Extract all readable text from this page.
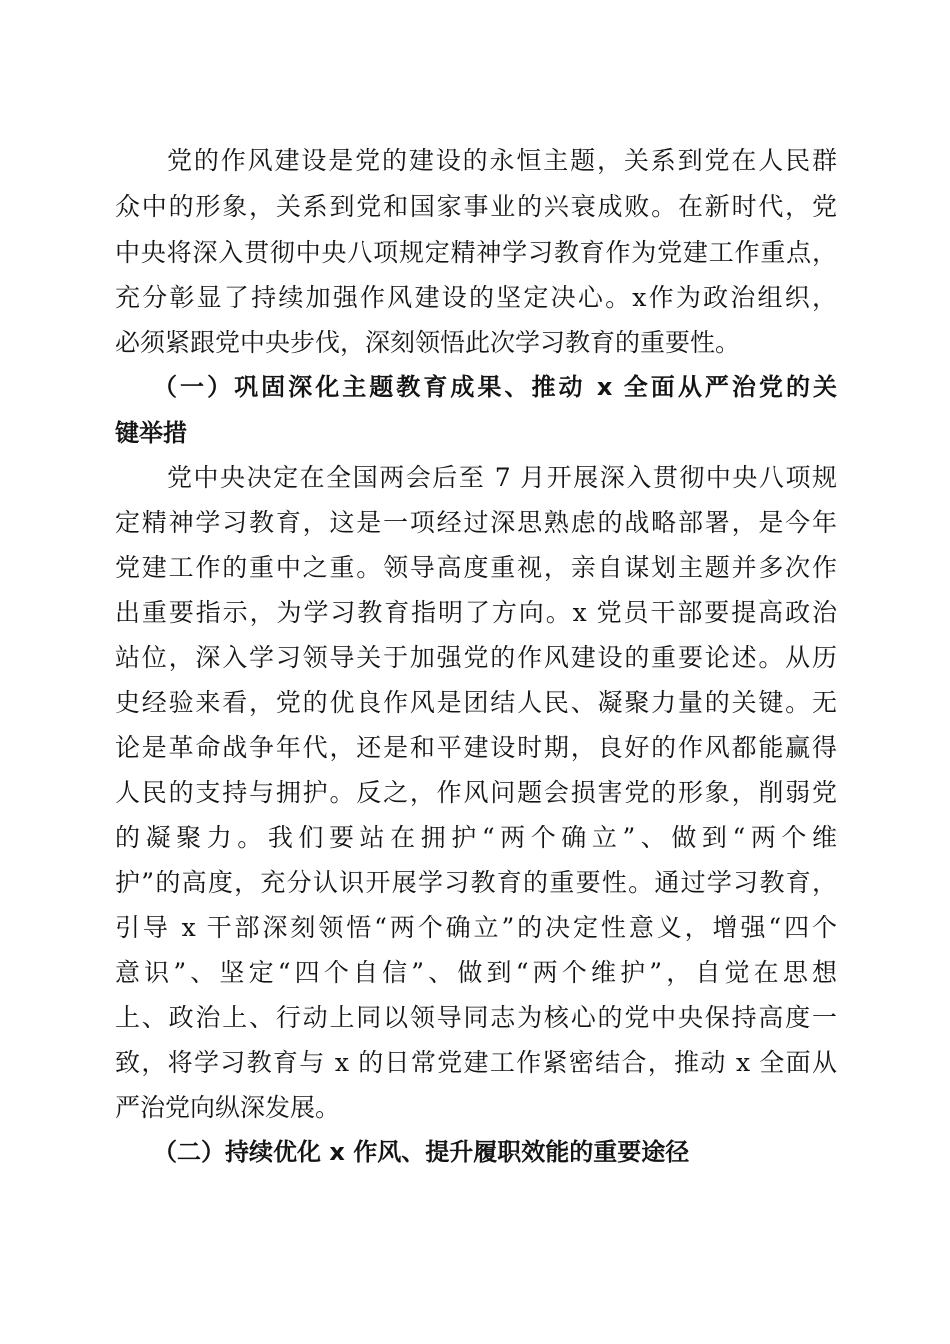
党的作风建设是党的建设的永恒主题，关系到党在人民群

众中的形象，关系到党和国家事业的兴衰成败。在新时代，党

中央将深入贯彻中央八项规定精神学习教育作为党建工作重点，

充分彰显了持续加强作风建设的坚定决心。x作为政治组织，

必须紧跟党中央步伐，深刻领悟此次学习教育的重要性。

（一）巩固深化主题教育成果、推动 x 全面从严治党的关

键举措

党中央决定在全国两会后至 7 月开展深入贯彻中央八项规

定精神学习教育，这是一项经过深思熟虑的战略部署，是今年

党建工作的重中之重。领导高度重视，亲自谋划主题并多次作

出重要指示，为学习教育指明了方向。x 党员干部要提高政治

站位，深入学习领导关于加强党的作风建设的重要论述。从历

史经验来看，党的优良作风是团结人民、凝聚力量的关键。无

论是革命战争年代，还是和平建设时期，良好的作风都能赢得

人民的支持与拥护。反之，作风问题会损害党的形象，削弱党

的凝聚力。我们要站在拥护“两个确立”、做到“两个维

护”的高度，充分认识开展学习教育的重要性。通过学习教育，

引导 x 干部深刻领悟“两个确立”的决定性意义，增强“四个

意识”、坚定“四个自信”、做到“两个维护”，自觉在思想

上、政治上、行动上同以领导同志为核心的党中央保持高度一

致，将学习教育与 x 的日常党建工作紧密结合，推动 x 全面从

严治党向纵深发展。

（二）持续优化 x 作风、提升履职效能的重要途径
